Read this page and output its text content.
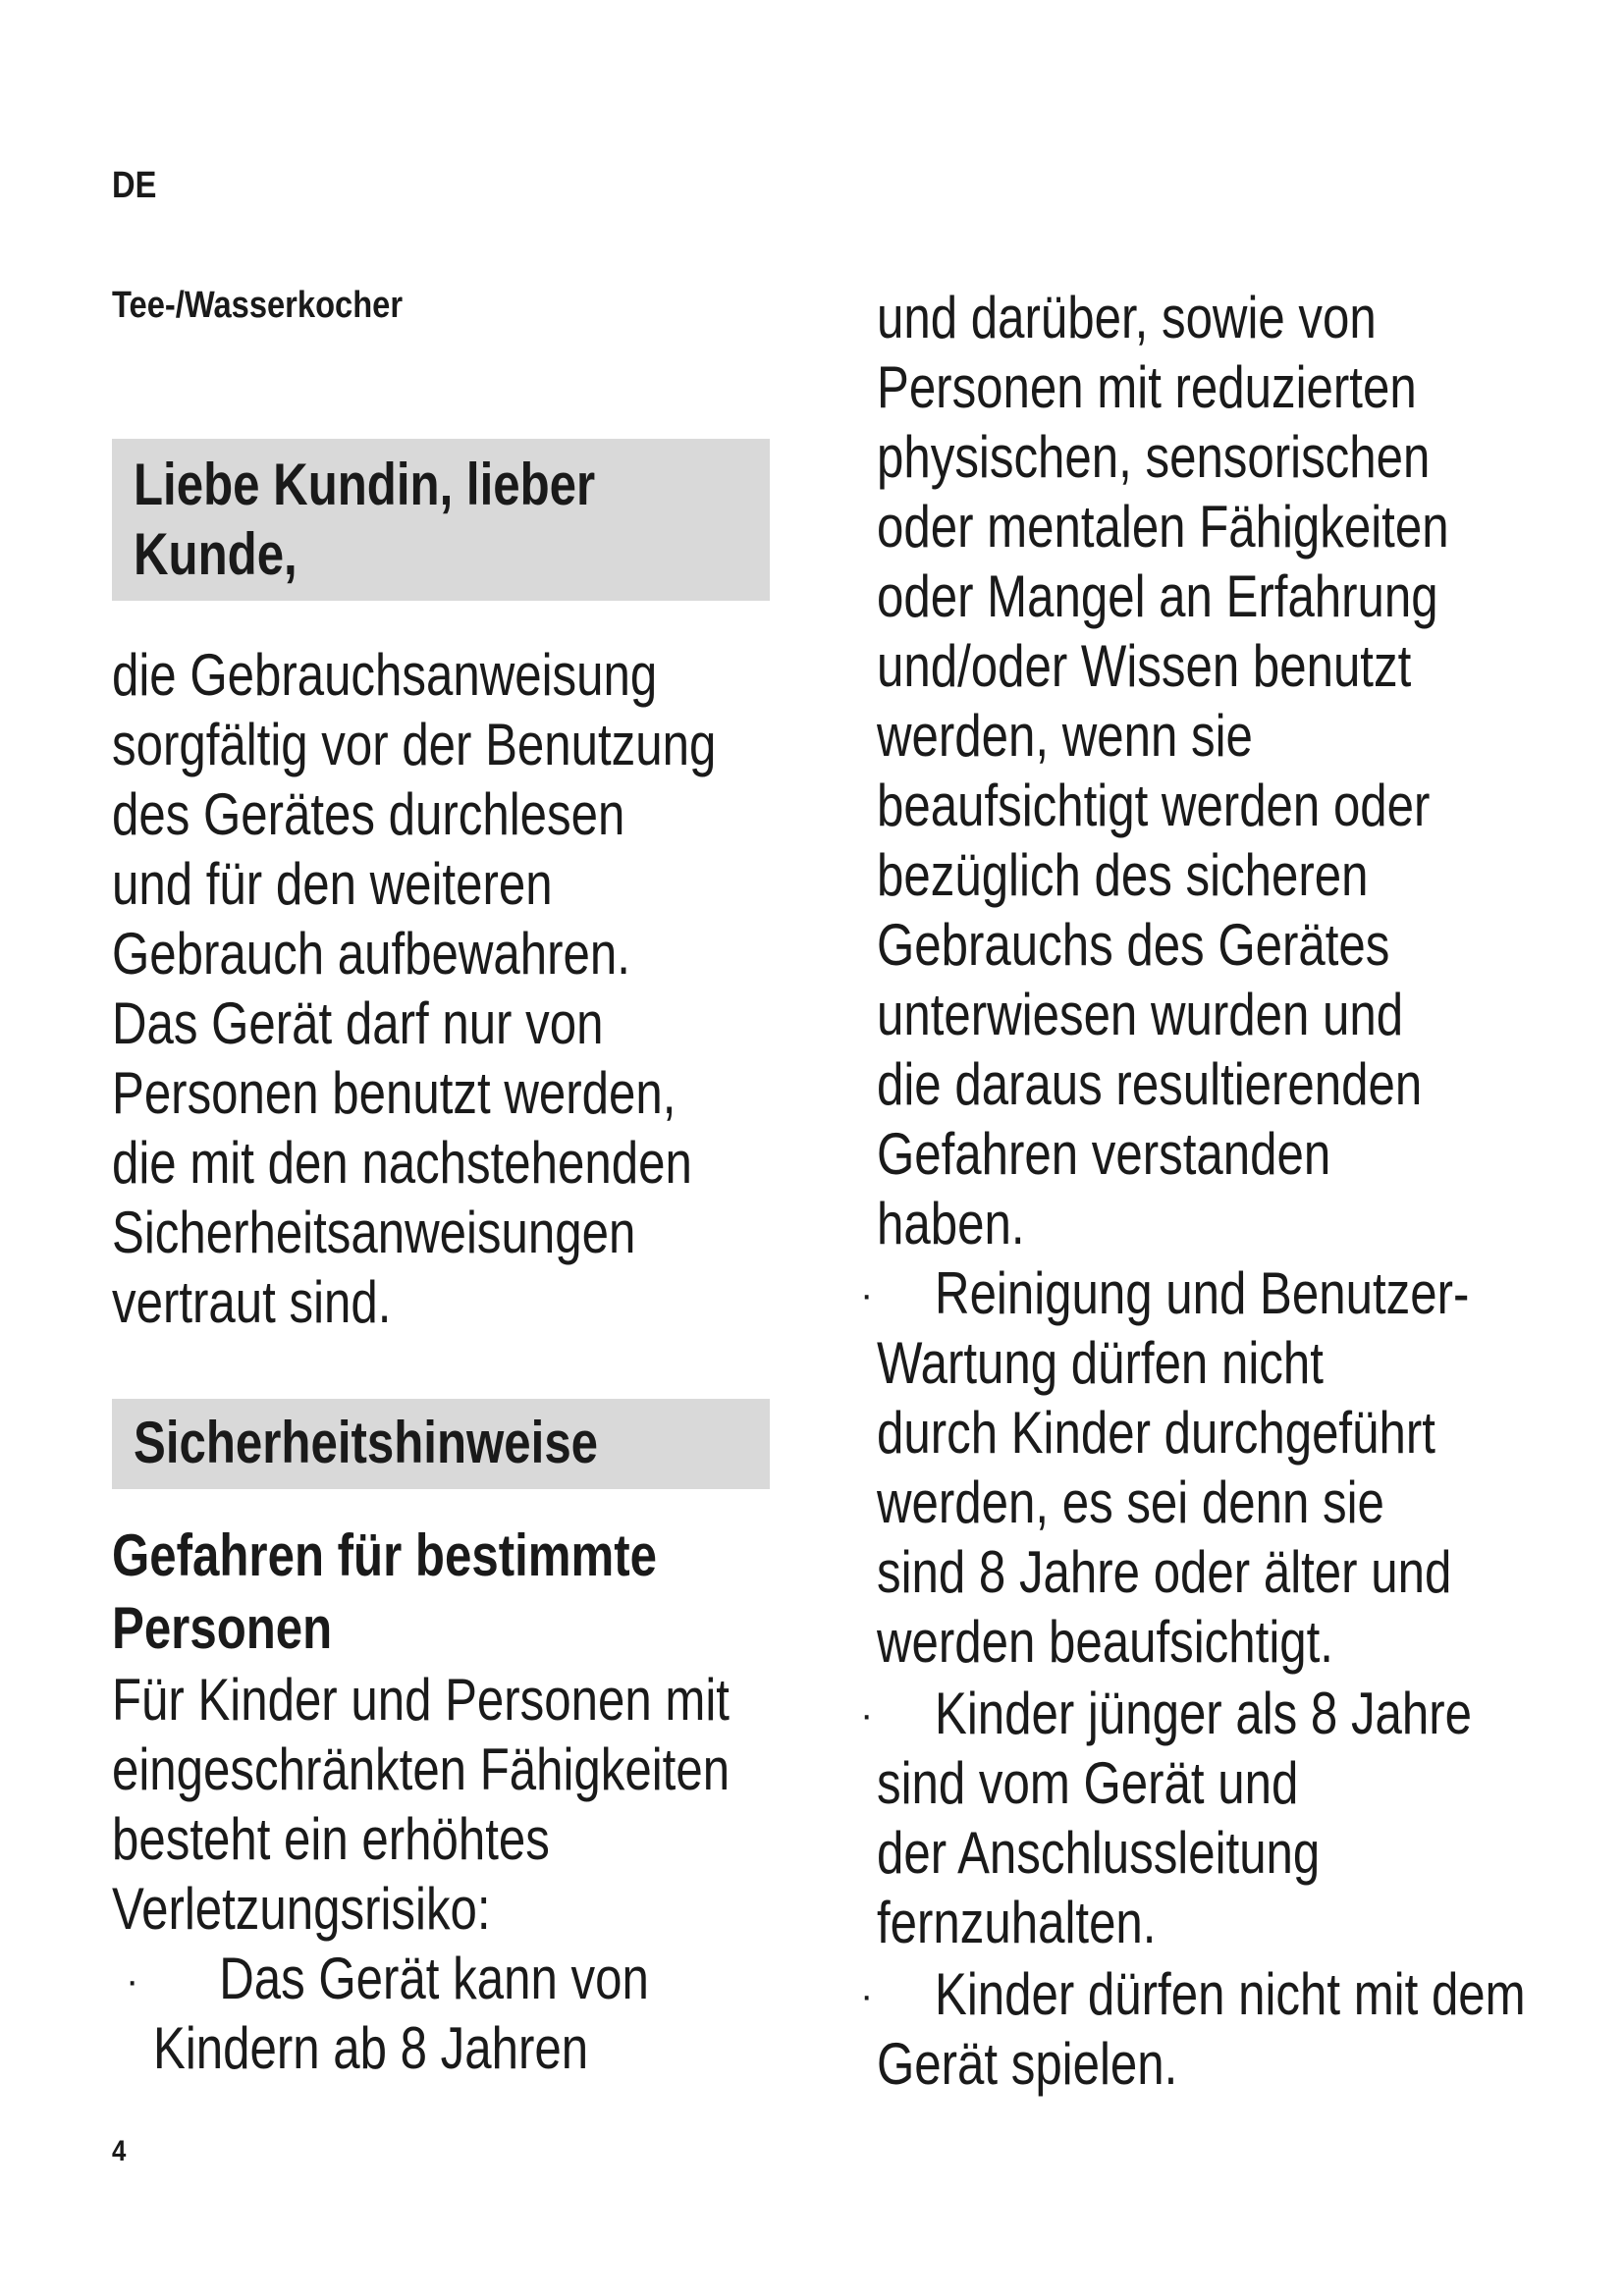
DE
Tee-/Wasserkocher
Liebe Kundin, lieber
Kunde,
die Gebrauchsanweisung
sorgfältig vor der Benutzung
des Gerätes durchlesen
und für den weiteren
Gebrauch aufbewahren.
Das Gerät darf nur von
Personen benutzt werden,
die mit den nachstehenden
Sicherheitsanweisungen
vertraut sind.
Sicherheitshinweise
Gefahren für bestimmte
Personen
Für Kinder und Personen mit
eingeschränkten Fähigkeiten
besteht ein erhöhtes
Verletzungsrisiko:
·	Das Gerät kann von
Kindern ab 8 Jahren
und darüber, sowie von
Personen mit reduzierten
physischen, sensorischen
oder mentalen Fähigkeiten
oder Mangel an Erfahrung
und/oder Wissen benutzt
werden, wenn sie
beaufsichtigt werden oder
bezüglich des sicheren
Gebrauchs des Gerätes
unterwiesen wurden und
die daraus resultierenden
Gefahren verstanden
haben.
·	Reinigung und Benutzer-
Wartung dürfen nicht
durch Kinder durchgeführt
werden, es sei denn sie
sind 8 Jahre oder älter und
werden beaufsichtigt.
·	Kinder jünger als 8 Jahre
sind vom Gerät und
der Anschlussleitung
fernzuhalten.
·	Kinder dürfen nicht mit dem
Gerät spielen.
4
